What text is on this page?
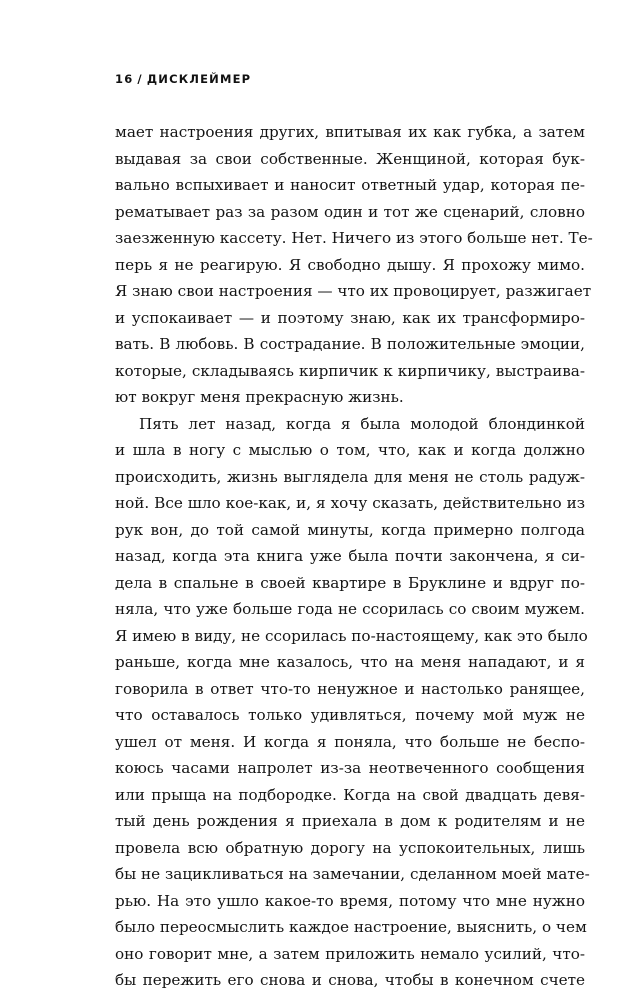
16 / ДИСКЛЕЙМЕР
мает настроения других, впитывая их как губка, а затем
выдавая за свои собственные. Женщиной, которая бук-
вально вспыхивает и наносит ответный удар, которая пе-
рематывает раз за разом один и тот же сценарий, словно
заезженную кассету. Нет. Ничего из этого больше нет. Те-
перь я не реагирую. Я свободно дышу. Я прохожу мимо.
Я знаю свои настроения — что их провоцирует, разжигает
и успокаивает — и поэтому знаю, как их трансформиро-
вать. В любовь. В сострадание. В положительные эмоции,
которые, складываясь кирпичик к кирпичику, выстраива-
ют вокруг меня прекрасную жизнь.
Пять лет назад, когда я была молодой блондинкой
и шла в ногу с мыслью о том, что, как и когда должно
происходить, жизнь выглядела для меня не столь радуж-
ной. Все шло кое-как, и, я хочу сказать, действительно из
рук вон, до той самой минуты, когда примерно полгода
назад, когда эта книга уже была почти закончена, я си-
дела в спальне в своей квартире в Бруклине и вдруг по-
няла, что уже больше года не ссорилась со своим мужем.
Я имею в виду, не ссорилась по-настоящему, как это было
раньше, когда мне казалось, что на меня нападают, и я
говорила в ответ что-то ненужное и настолько ранящее,
что оставалось только удивляться, почему мой муж не
ушел от меня. И когда я поняла, что больше не беспо-
коюсь часами напролет из-за неотвеченного сообщения
или прыща на подбородке. Когда на свой двадцать девя-
тый день рождения я приехала в дом к родителям и не
провела всю обратную дорогу на успокоительных, лишь
бы не зацикливаться на замечании, сделанном моей мате-
рью. На это ушло какое-то время, потому что мне нужно
было переосмыслить каждое настроение, выяснить, о чем
оно говорит мне, а затем приложить немало усилий, что-
бы пережить его снова и снова, чтобы в конечном счете
